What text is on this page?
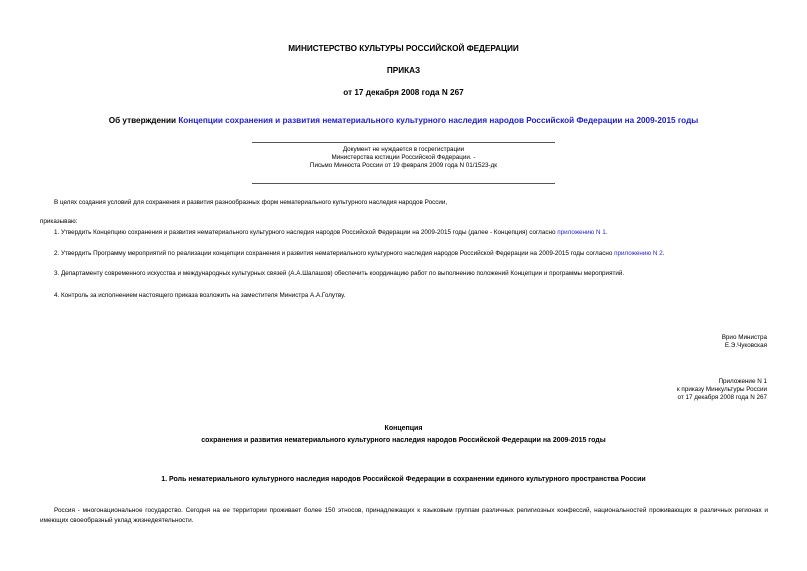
МИНИСТЕРСТВО КУЛЬТУРЫ РОССИЙСКОЙ ФЕДЕРАЦИИ
ПРИКАЗ
от 17 декабря 2008 года N 267
Об утверждении Концепции сохранения и развития нематериального культурного наследия народов Российской Федерации на 2009-2015 годы
Документ не нуждается в госрегистрации
Министерства юстиции Российской Федерации. -
Письмо Минюста России от 19 февраля 2009 года N 01/1523-дк
В целях создания условий для сохранения и развития разнообразных форм нематериального культурного наследия народов России,
приказываю:
1. Утвердить Концепцию сохранения и развития нематериального культурного наследия народов Российской Федерации на 2009-2015 годы (далее - Концепция) согласно приложению N 1.
2. Утвердить Программу мероприятий по реализации концепции сохранения и развития нематериального культурного наследия народов Российской Федерации на 2009-2015 годы согласно приложению N 2.
3. Департаменту современного искусства и международных культурных связей (А.А.Шалашов) обеспечить координацию работ по выполнению положений Концепции и программы мероприятий.
4. Контроль за исполнением настоящего приказа возложить на заместителя Министра А.А.Голутву.
Врио Министра
Е.Э.Чуковская
Приложение N 1
к приказу Минкультуры России
от 17 декабря 2008 года N 267
Концепция
сохранения и развития нематериального культурного наследия народов Российской Федерации на 2009-2015 годы
1. Роль нематериального культурного наследия народов Российской Федерации в сохранении единого культурного пространства России
Россия - многонациональное государство. Сегодня на ее территории проживает более 150 этносов, принадлежащих к языковым группам различных религиозных конфессий, национальностей проживающих в различных регионах и имеющих своеобразный уклад жизнедеятельности.
